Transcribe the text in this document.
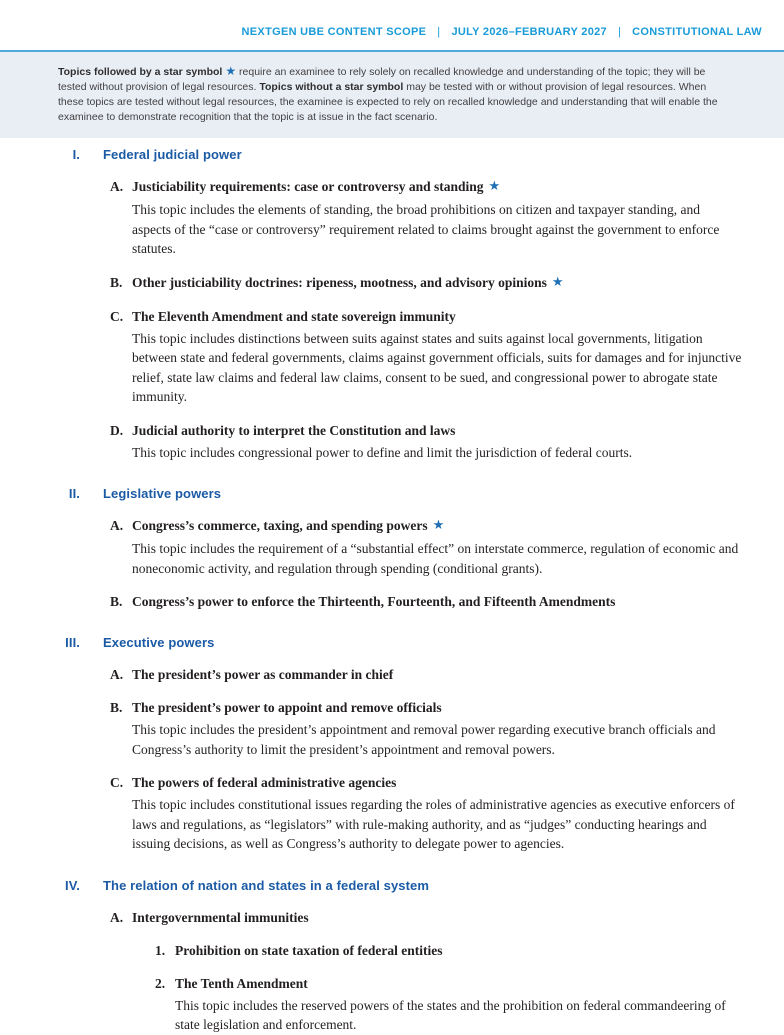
NEXTGEN UBE CONTENT SCOPE | JULY 2026–FEBRUARY 2027 | CONSTITUTIONAL LAW
Topics followed by a star symbol ★ require an examinee to rely solely on recalled knowledge and understanding of the topic; they will be tested without provision of legal resources. Topics without a star symbol may be tested with or without provision of legal resources. When these topics are tested without legal resources, the examinee is expected to rely on recalled knowledge and understanding that will enable the examinee to demonstrate recognition that the topic is at issue in the fact scenario.
I. Federal judicial power
A. Justiciability requirements: case or controversy and standing ★
This topic includes the elements of standing, the broad prohibitions on citizen and taxpayer standing, and aspects of the “case or controversy” requirement related to claims brought against the government to enforce statutes.
B. Other justiciability doctrines: ripeness, mootness, and advisory opinions ★
C. The Eleventh Amendment and state sovereign immunity
This topic includes distinctions between suits against states and suits against local governments, litigation between state and federal governments, claims against government officials, suits for damages and for injunctive relief, state law claims and federal law claims, consent to be sued, and congressional power to abrogate state immunity.
D. Judicial authority to interpret the Constitution and laws
This topic includes congressional power to define and limit the jurisdiction of federal courts.
II. Legislative powers
A. Congress’s commerce, taxing, and spending powers ★
This topic includes the requirement of a “substantial effect” on interstate commerce, regulation of economic and noneconomic activity, and regulation through spending (conditional grants).
B. Congress’s power to enforce the Thirteenth, Fourteenth, and Fifteenth Amendments
III. Executive powers
A. The president’s power as commander in chief
B. The president’s power to appoint and remove officials
This topic includes the president’s appointment and removal power regarding executive branch officials and Congress’s authority to limit the president’s appointment and removal powers.
C. The powers of federal administrative agencies
This topic includes constitutional issues regarding the roles of administrative agencies as executive enforcers of laws and regulations, as “legislators” with rule-making authority, and as “judges” conducting hearings and issuing decisions, as well as Congress’s authority to delegate power to agencies.
IV. The relation of nation and states in a federal system
A. Intergovernmental immunities
1. Prohibition on state taxation of federal entities
2. The Tenth Amendment
This topic includes the reserved powers of the states and the prohibition on federal commandeering of state legislation and enforcement.
